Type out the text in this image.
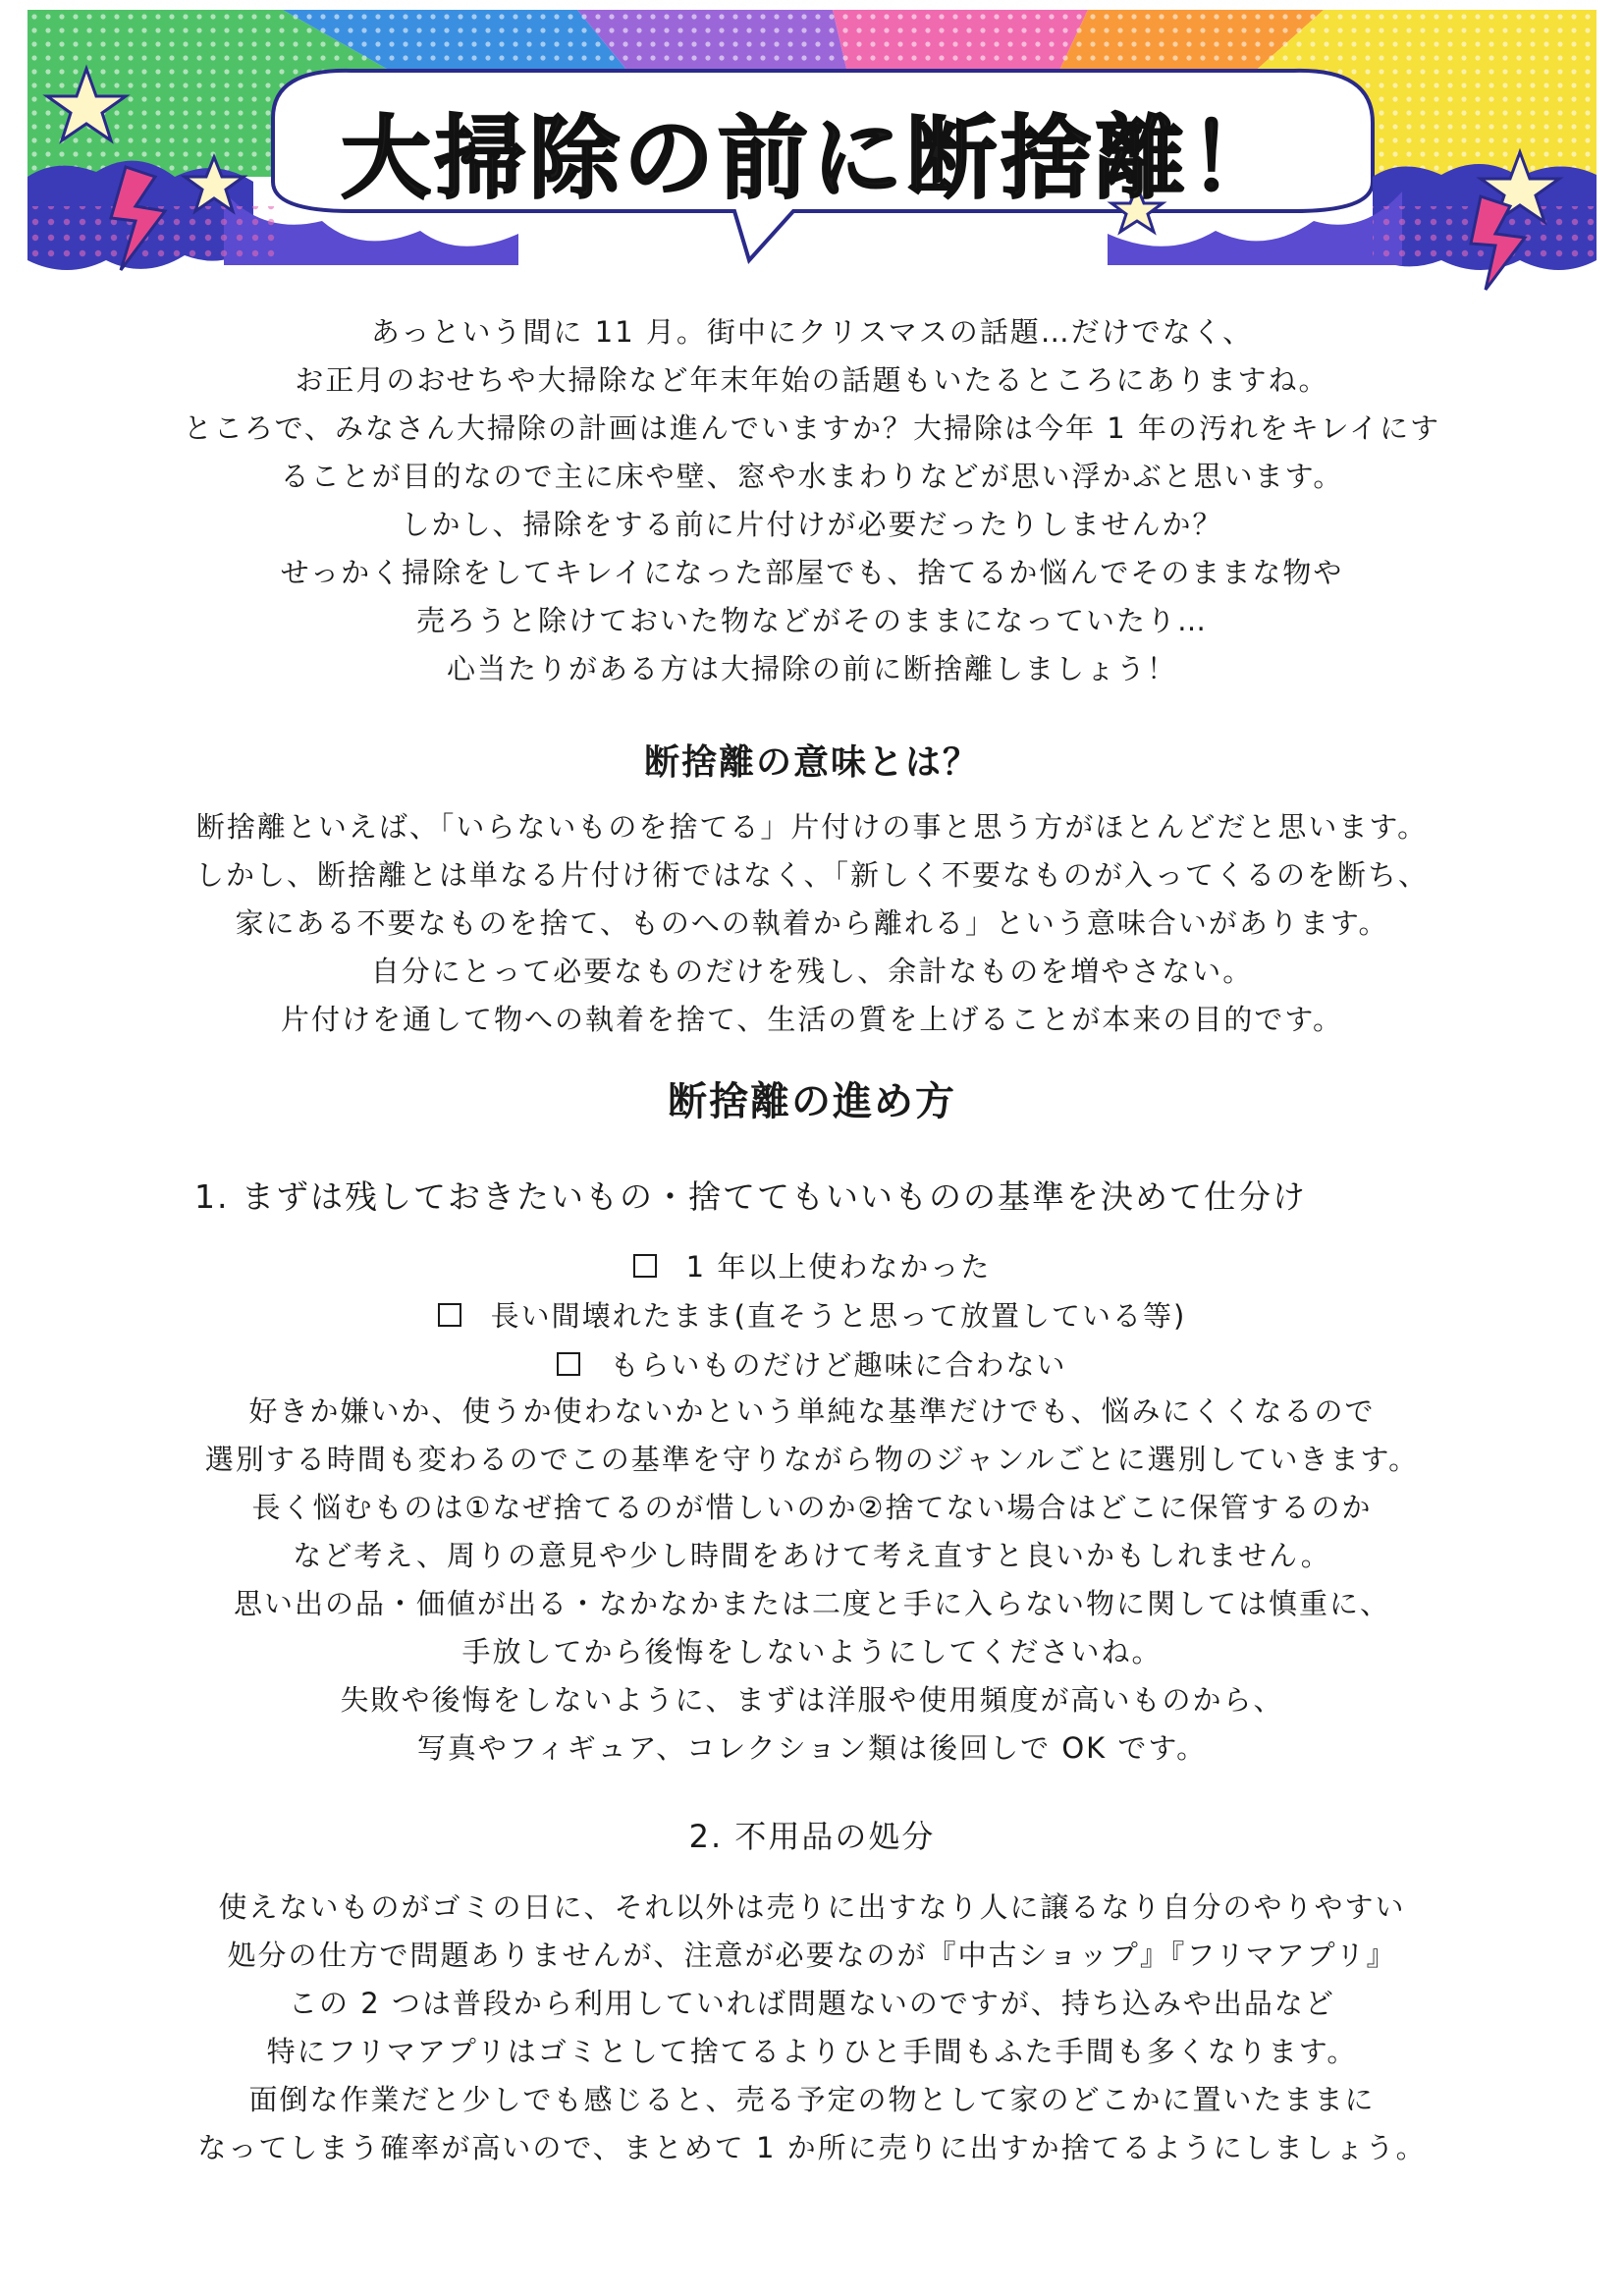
大掃除の前に断捨離！

あっという間に 11 月。街中にクリスマスの話題…だけでなく、

お正月のおせちや大掃除など年末年始の話題もいたるところにありますね。

ところで、みなさん大掃除の計画は進んでいますか？大掃除は今年 1 年の汚れをキレイにす

ることが目的なので主に床や壁、窓や水まわりなどが思い浮かぶと思います。

しかし、掃除をする前に片付けが必要だったりしませんか？

せっかく掃除をしてキレイになった部屋でも、捨てるか悩んでそのままな物や

売ろうと除けておいた物などがそのままになっていたり…

心当たりがある方は大掃除の前に断捨離しましょう！

断捨離の意味とは？

断捨離といえば、「いらないものを捨てる」片付けの事と思う方がほとんどだと思います。

しかし、断捨離とは単なる片付け術ではなく、「新しく不要なものが入ってくるのを断ち、

家にある不要なものを捨て、ものへの執着から離れる」という意味合いがあります。

自分にとって必要なものだけを残し、余計なものを増やさない。

片付けを通して物への執着を捨て、生活の質を上げることが本来の目的です。

断捨離の進め方
1. まずは残しておきたいもの・捨ててもいいものの基準を決めて仕分け

1 年以上使わなかった

長い間壊れたまま(直そうと思って放置している等)

もらいものだけど趣味に合わない

好きか嫌いか、使うか使わないかという単純な基準だけでも、悩みにくくなるので

選別する時間も変わるのでこの基準を守りながら物のジャンルごとに選別していきます。

長く悩むものは①なぜ捨てるのが惜しいのか②捨てない場合はどこに保管するのか

など考え、周りの意見や少し時間をあけて考え直すと良いかもしれません。

思い出の品・価値が出る・なかなかまたは二度と手に入らない物に関しては慎重に、

手放してから後悔をしないようにしてくださいね。

失敗や後悔をしないように、まずは洋服や使用頻度が高いものから、

写真やフィギュア、コレクション類は後回しで OK です。

2. 不用品の処分

使えないものがゴミの日に、それ以外は売りに出すなり人に譲るなり自分のやりやすい

処分の仕方で問題ありませんが、注意が必要なのが『中古ショップ』『フリマアプリ』

この 2 つは普段から利用していれば問題ないのですが、持ち込みや出品など

特にフリマアプリはゴミとして捨てるよりひと手間もふた手間も多くなります。

面倒な作業だと少しでも感じると、売る予定の物として家のどこかに置いたままに

なってしまう確率が高いので、まとめて 1 か所に売りに出すか捨てるようにしましょう。
